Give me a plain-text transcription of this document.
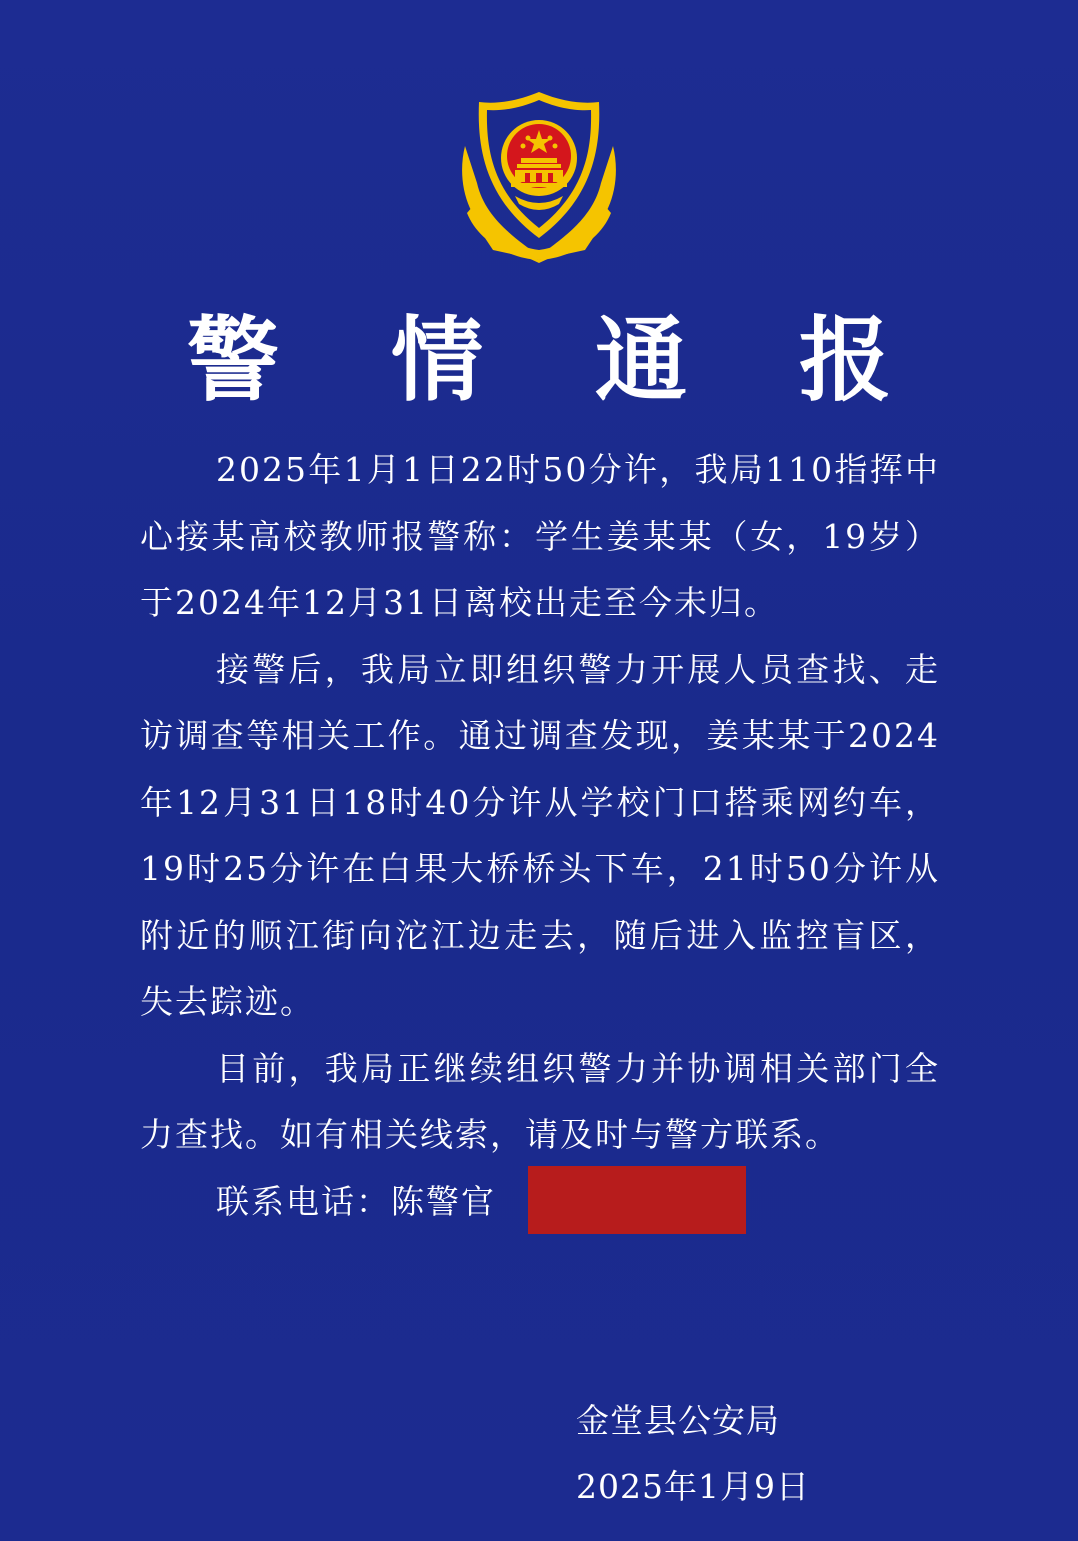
警 情 通 报

2025年1月1日22时50分许，我局110指挥中心接某高校教师报警称：学生姜某某（女，19岁）于2024年12月31日离校出走至今未归。

接警后，我局立即组织警力开展人员查找、走访调查等相关工作。通过调查发现，姜某某于2024年12月31日18时40分许从学校门口搭乘网约车，19时25分许在白果大桥桥头下车，21时50分许从附近的顺江街向沱江边走去，随后进入监控盲区，失去踪迹。

目前，我局正继续组织警力并协调相关部门全力查找。如有相关线索，请及时与警方联系。

联系电话：陈警官
金堂县公安局
2025年1月9日
